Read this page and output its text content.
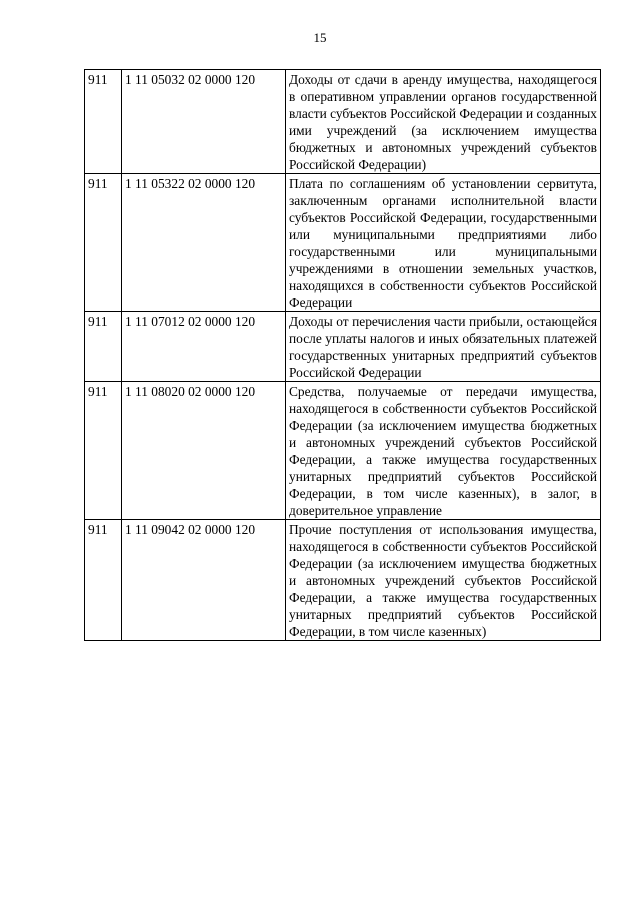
15
911	1 11 05032 02 0000 120	Доходы от сдачи в аренду имущества, находящегося в оперативном управлении органов государственной власти субъектов Российской Федерации и созданных ими учреждений (за исключением имущества бюджетных и автономных учреждений субъектов Российской Федерации)
911	1 11 05322 02 0000 120	Плата по соглашениям об установлении сервитута, заключенным органами исполнительной власти субъектов Российской Федерации, государственными или муниципальными предприятиями либо государственными или муниципальными учреждениями в отношении земельных участков, находящихся в собственности субъектов Российской Федерации
911	1 11 07012 02 0000 120	Доходы от перечисления части прибыли, остающейся после уплаты налогов и иных обязательных платежей государственных унитарных предприятий субъектов Российской Федерации
911	1 11 08020 02 0000 120	Средства, получаемые от передачи имущества, находящегося в собственности субъектов Российской Федерации (за исключением имущества бюджетных и автономных учреждений субъектов Российской Федерации, а также имущества государственных унитарных предприятий субъектов Российской Федерации, в том числе казенных), в залог, в доверительное управление
911	1 11 09042 02 0000 120	Прочие поступления от использования имущества, находящегося в собственности субъектов Российской Федерации (за исключением имущества бюджетных и автономных учреждений субъектов Российской Федерации, а также имущества государственных унитарных предприятий субъектов Российской Федерации, в том числе казенных)
